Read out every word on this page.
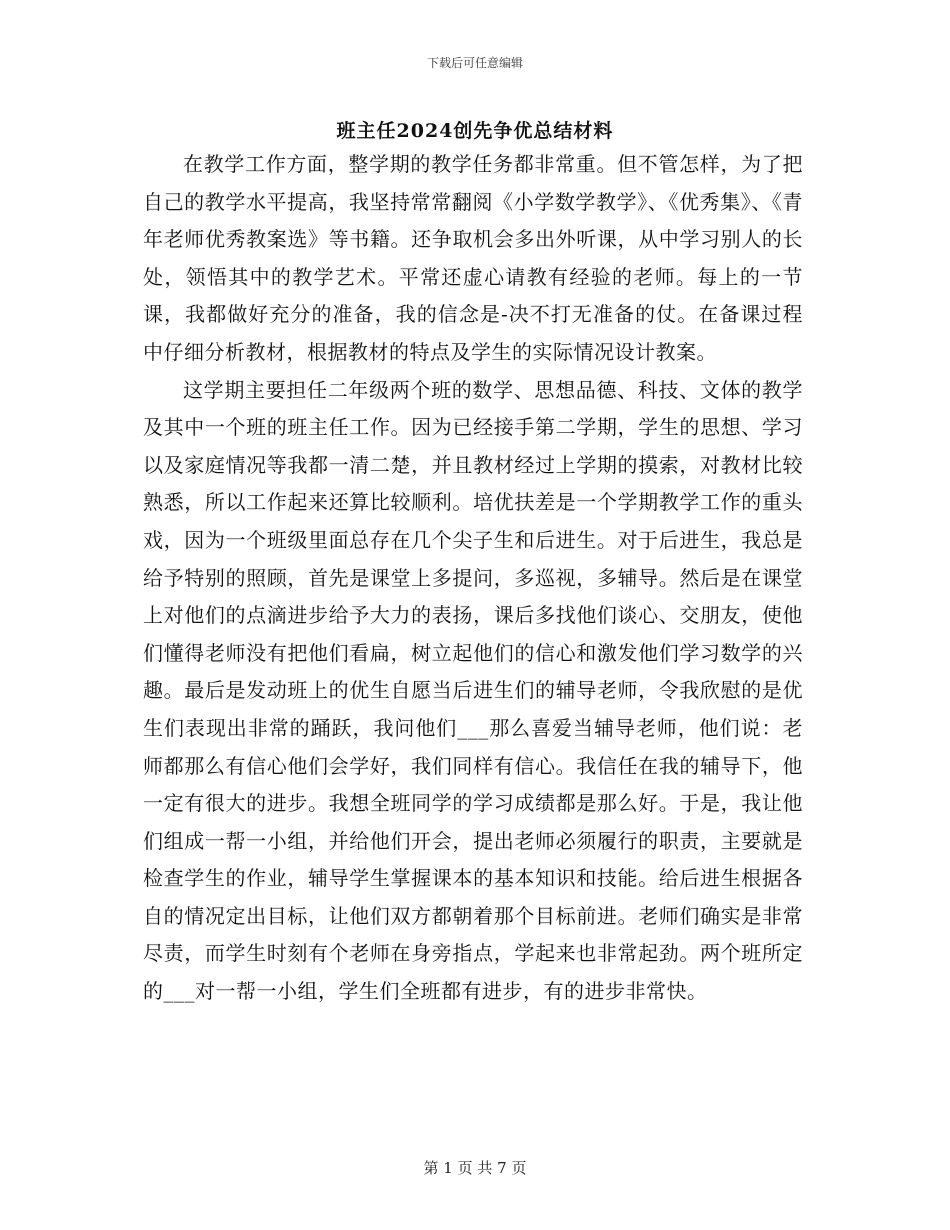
下载后可任意编辑
班主任2024创先争优总结材料

在教学工作方面，整学期的教学任务都非常重。但不管怎样，为了把自己的教学水平提高，我坚持常常翻阅《小学数学教学》、《优秀集》、《青年老师优秀教案选》等书籍。还争取机会多出外听课，从中学习别人的长处，领悟其中的教学艺术。平常还虚心请教有经验的老师。每上的一节课，我都做好充分的准备，我的信念是-决不打无准备的仗。在备课过程中仔细分析教材，根据教材的特点及学生的实际情况设计教案。

这学期主要担任二年级两个班的数学、思想品德、科技、文体的教学及其中一个班的班主任工作。因为已经接手第二学期，学生的思想、学习以及家庭情况等我都一清二楚，并且教材经过上学期的摸索，对教材比较熟悉，所以工作起来还算比较顺利。培优扶差是一个学期教学工作的重头戏，因为一个班级里面总存在几个尖子生和后进生。对于后进生，我总是给予特别的照顾，首先是课堂上多提问，多巡视，多辅导。然后是在课堂上对他们的点滴进步给予大力的表扬，课后多找他们谈心、交朋友，使他们懂得老师没有把他们看扁，树立起他们的信心和激发他们学习数学的兴趣。最后是发动班上的优生自愿当后进生们的辅导老师，令我欣慰的是优生们表现出非常的踊跃，我问他们___那么喜爱当辅导老师，他们说：老师都那么有信心他们会学好，我们同样有信心。我信任在我的辅导下，他一定有很大的进步。我想全班同学的学习成绩都是那么好。于是，我让他们组成一帮一小组，并给他们开会，提出老师必须履行的职责，主要就是检查学生的作业，辅导学生掌握课本的基本知识和技能。给后进生根据各自的情况定出目标，让他们双方都朝着那个目标前进。老师们确实是非常尽责，而学生时刻有个老师在身旁指点，学起来也非常起劲。两个班所定的___对一帮一小组，学生们全班都有进步，有的进步非常快。

第 1 页 共 7 页
